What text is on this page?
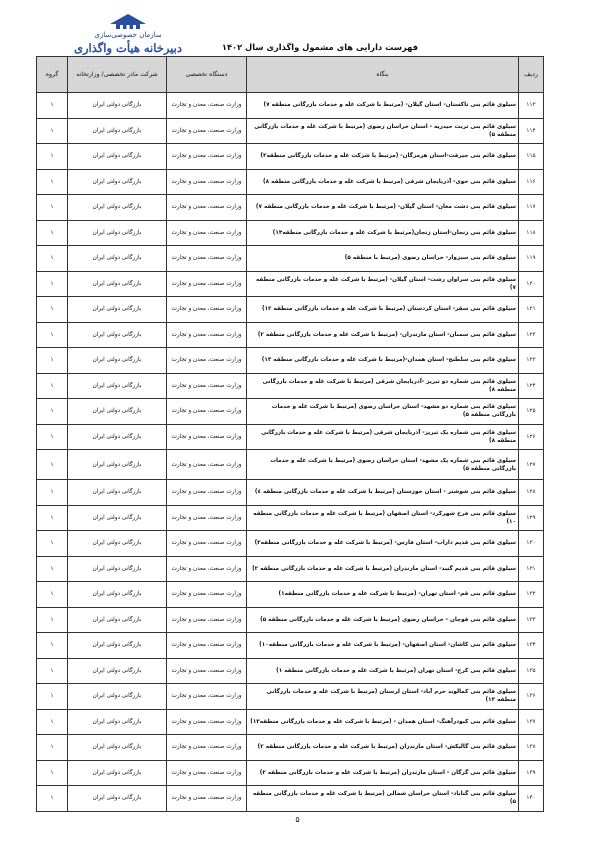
سازمان خصوصی‌سازی
دبیرخانه هیأت واگذاری	فهرست دارایی های مشمول واگذاری سال ۱۴۰۲
ردیف	بنگاه	دستگاه تخصصی	شرکت مادر تخصصی/ وزارتخانه	گروه
۱۱۳	سیلوی قائم بنی تاکستان- استان گیلان- (مرتبط با شرکت غله و خدمات بازرگانی منطقه ۷)	وزارت صنعت، معدن و تجارت	بازرگانی دولتی ایران	۱
۱۱۴	سیلوی قائم بنی تربت حیدریه - استان خراسان رضوی (مرتبط با شرکت غله و خدمات بازرگانی منطقه ۵)	وزارت صنعت، معدن و تجارت	بازرگانی دولتی ایران	۱
۱۱۵	سیلوی قائم بنی جیرفت-استان هرمزگان- (مرتبط با شرکت غله و خدمات بازرگانی منطقه۳)	وزارت صنعت، معدن و تجارت	بازرگانی دولتی ایران	۱
۱۱۶	سیلوی قائم بنی خوی- آذربایجان شرقی (مرتبط با شرکت غله و خدمات بازرگانی منطقه ۸)	وزارت صنعت، معدن و تجارت	بازرگانی دولتی ایران	۱
۱۱۷	سیلوی قائم بنی دشت مغان- استان گیلان- (مرتبط با شرکت غله و خدمات بازرگانی منطقه ۷)	وزارت صنعت، معدن و تجارت	بازرگانی دولتی ایران	۱
۱۱۸	سیلوی قائم بنی زنجان-استان زنجان(مرتبط با شرکت غله و خدمات بازرگانی منطقه۱۴)	وزارت صنعت، معدن و تجارت	بازرگانی دولتی ایران	۱
۱۱۹	سیلوی قائم بنی سبزوار- خراسان رضوی (مرتبط با منطقه ۵)	وزارت صنعت، معدن و تجارت	بازرگانی دولتی ایران	۱
۱۲۰	سیلوی قائم بنی سراوان رشت- استان گیلان- (مرتبط با شرکت غله و خدمات بازرگانی منطقه ۷)	وزارت صنعت، معدن و تجارت	بازرگانی دولتی ایران	۱
۱۲۱	سیلوی قائم بنی سقز- استان کردستان (مرتبط با شرکت غله و خدمات بازرگانی منطقه ۱۲)	وزارت صنعت، معدن و تجارت	بازرگانی دولتی ایران	۱
۱۲۲	سیلوی قائم بنی سمنان- استان مازندران- (مرتبط با شرکت غله و خدمات بازرگانی منطقه ۲)	وزارت صنعت، معدن و تجارت	بازرگانی دولتی ایران	۱
۱۲۳	سیلوی قائم بنی سلطنج- استان همدان-(مرتبط با شرکت غله و خدمات بازرگانی منطقه ۱۳)	وزارت صنعت، معدن و تجارت	بازرگانی دولتی ایران	۱
۱۲۴	سیلوی قائم بنی شماره دو تبریز -آذربایجان شرقی (مرتبط با شرکت غله و خدمات بازرگانی منطقه ۸)	وزارت صنعت، معدن و تجارت	بازرگانی دولتی ایران	۱
۱۲۵	سیلوی قائم بنی شماره دو مشهد- استان خراسان رضوی (مرتبط با شرکت غله و خدمات بازرگانی منطقه ۵)	وزارت صنعت، معدن و تجارت	بازرگانی دولتی ایران	۱
۱۲۶	سیلوی قائم بنی شماره یک تبریز- آذربایجان شرقی (مرتبط با شرکت غله و خدمات بازرگانی منطقه ۸)	وزارت صنعت، معدن و تجارت	بازرگانی دولتی ایران	۱
۱۲۷	سیلوی قائم بنی شماره یک مشهد- استان خراسان رضوی (مرتبط با شرکت غله و خدمات بازرگانی منطقه ۵)	وزارت صنعت، معدن و تجارت	بازرگانی دولتی ایران	۱
۱۲۸	سیلوی قائم بنی شوشتر - استان خوزستان (مرتبط با شرکت غله و خدمات بازرگانی منطقه ٤)	وزارت صنعت، معدن و تجارت	بازرگانی دولتی ایران	۱
۱۲۹	سیلوی قائم بنی فرخ شهرکرد- استان اصفهان (مرتبط با شرکت غله و خدمات بازرگانی منطقه ۱۰)	وزارت صنعت، معدن و تجارت	بازرگانی دولتی ایران	۱
۱۳۰	سیلوی قائم بنی قدیم داراب- استان فارس- (مرتبط با شرکت غله و خدمات بازرگانی منطقه۳)	وزارت صنعت، معدن و تجارت	بازرگانی دولتی ایران	۱
۱۳۱	سیلوی قائم بنی قدیم گنبد- استان مازندران (مرتبط با شرکت غله و خدمات بازرگانی منطقه ۲)	وزارت صنعت، معدن و تجارت	بازرگانی دولتی ایران	۱
۱۳۲	سیلوی قائم بنی قم- استان تهران- (مرتبط با شرکت غله و خدمات بازرگانی منطقه۱)	وزارت صنعت، معدن و تجارت	بازرگانی دولتی ایران	۱
۱۳۳	سیلوی قائم بنی قوچان - خراسان رضوی (مرتبط با شرکت غله و خدمات بازرگانی منطقه ۵)	وزارت صنعت، معدن و تجارت	بازرگانی دولتی ایران	۱
۱۳۴	سیلوی قائم بنی کاشان- استان اصفهان- (مرتبط با شرکت غله و خدمات بازرگانی منطقه۱۰)	وزارت صنعت، معدن و تجارت	بازرگانی دولتی ایران	۱
۱۳۵	سیلوی قائم بنی کرج- استان تهران (مرتبط با شرکت غله و خدمات بازرگانی منطقه ۱)	وزارت صنعت، معدن و تجارت	بازرگانی دولتی ایران	۱
۱۳۶	سیلوی قائم بنی کمالوند خرم آباد- استان لرستان (مرتبط با شرکت غله و خدمات بازرگانی منطقه ۱۳)	وزارت صنعت، معدن و تجارت	بازرگانی دولتی ایران	۱
۱۳۷	سیلوی قائم بنی کبودرآهنگ- استان همدان - (مرتبط با شرکت غله و خدمات بازرگانی منطقه۱۳)	وزارت صنعت، معدن و تجارت	بازرگانی دولتی ایران	۱
۱۳۸	سیلوی قائم بنی گالیکش- استان مازندران (مرتبط با شرکت غله و خدمات بازرگانی منطقه ۲)	وزارت صنعت، معدن و تجارت	بازرگانی دولتی ایران	۱
۱۳۹	سیلوی قائم بنی گرگان - استان مازندران (مرتبط با شرکت غله و خدمات بازرگانی منطقه ۲)	وزارت صنعت، معدن و تجارت	بازرگانی دولتی ایران	۱
۱۴۰	سیلوی قائم بنی گناباد- استان خراسان شمالی (مرتبط با شرکت غله و خدمات بازرگانی منطقه ۵)	وزارت صنعت، معدن و تجارت	بازرگانی دولتی ایران	۱
۵
